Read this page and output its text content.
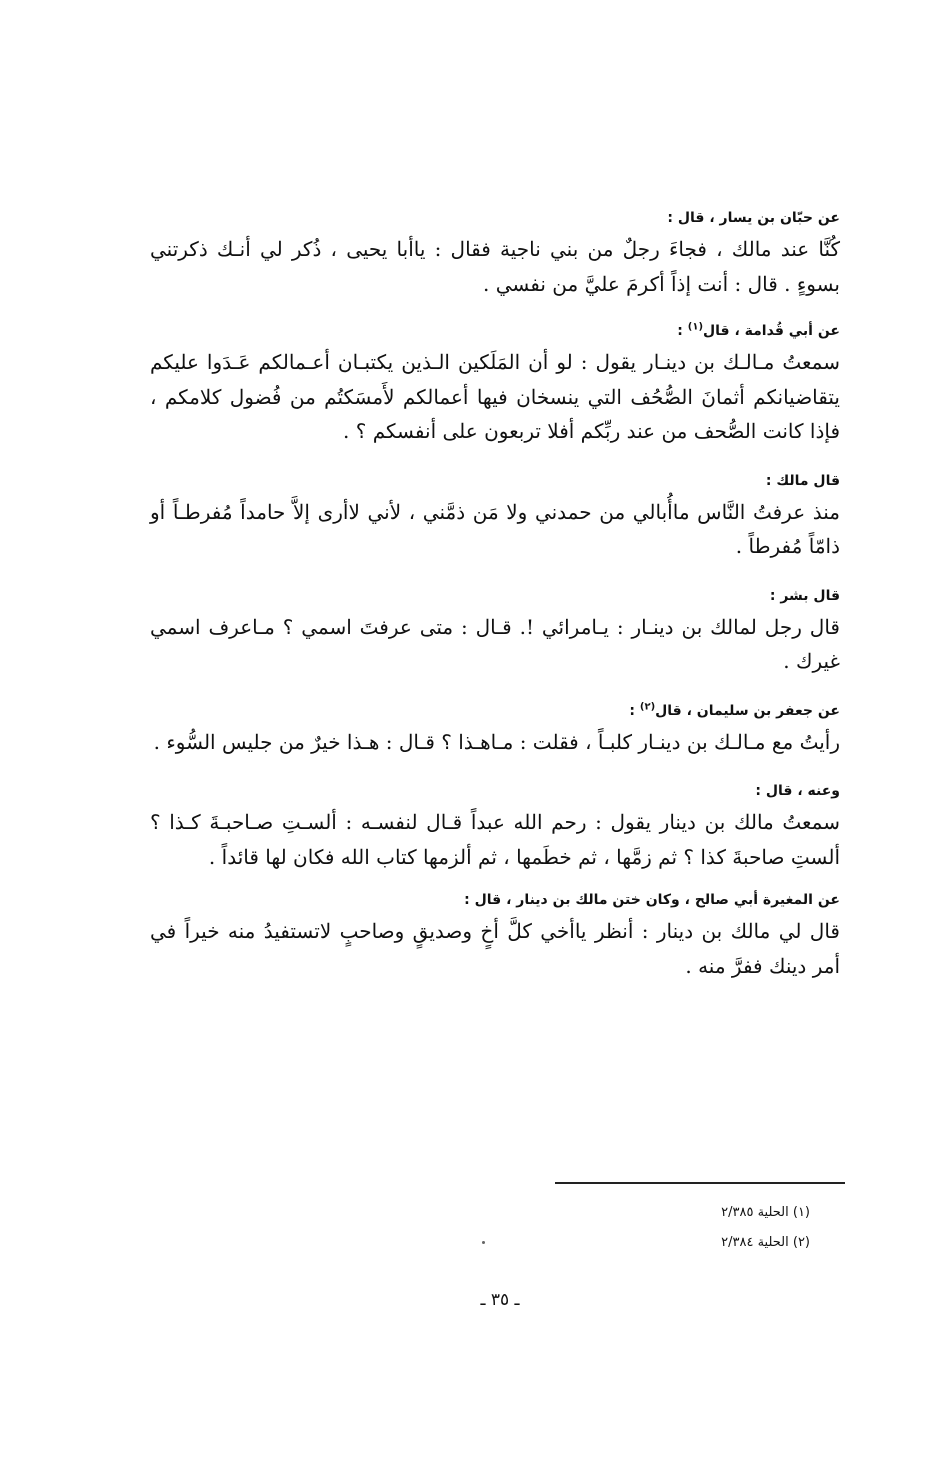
عن حبّان بن يسار ، قال :

كُنَّا عند مالك ، فجاءَ رجلٌ من بني ناجية فقال : ياأبا يحيى ، ذُكر لي أنـك ذكرتني بسوءٍ . قال : أنت إذاً أكرمَ عليَّ من نفسي .

عن أبي قُدامة ، قال$^{(١)}$ :

سمعتُ مـالـك بن دينـار يقول : لو أن المَلَكين الـذين يكتبـان أعـمالكم عَـدَوا عليكم يتقاضيانكم أثمانَ الصُّحُف التي ينسخان فيها أعمالكم لأَمسَكتُم من فُضول كلامكم ، فإذا كانت الصُّحف من عند ربِّكم أفلا تربعون على أنفسكم ؟ .

قال مالك :

منذ عرفتُ النَّاس ماأُبالي من حمدني ولا مَن ذمَّني ، لأني لاأرى إلاَّ حامداً مُفرطـاً أو ذامّاً مُفرطاً .

قال بشر :

قال رجل لمالك بن دينـار : يـامرائي !. قـال : متى عرفتَ اسمي ؟ مـاعرف اسمي غيرك .

عن جعفر بن سليمان ، قال$^{(٢)}$ :

رأيتُ مع مـالـك بن دينـار كلبـاً ، فقلت : مـاهـذا ؟ قـال : هـذا خيرٌ من جليس السُّوء .

وعنه ، قال :

سمعتُ مالك بن دينار يقول : رحم الله عبداً قـال لنفسـه : ألسـتِ صـاحبـةَ كـذا ؟ ألستِ صاحبةَ كذا ؟ ثم زمَّها ، ثم خطَمها ، ثم ألزمها كتاب الله فكان لها قائداً .

عن المغيرة أبي صالح ، وكان ختن مالك بن دينار ، قال :

قال لي مالك بن دينار : أنظر ياأخي كلَّ أخٍ وصديقٍ وصاحبٍ لاتستفيدُ منه خيراً في أمر دينك ففرَّ منه .

(١) الحلية ٢/٣٨٥

(٢) الحلية ٢/٣٨٤

ـ ٣٥ ـ
